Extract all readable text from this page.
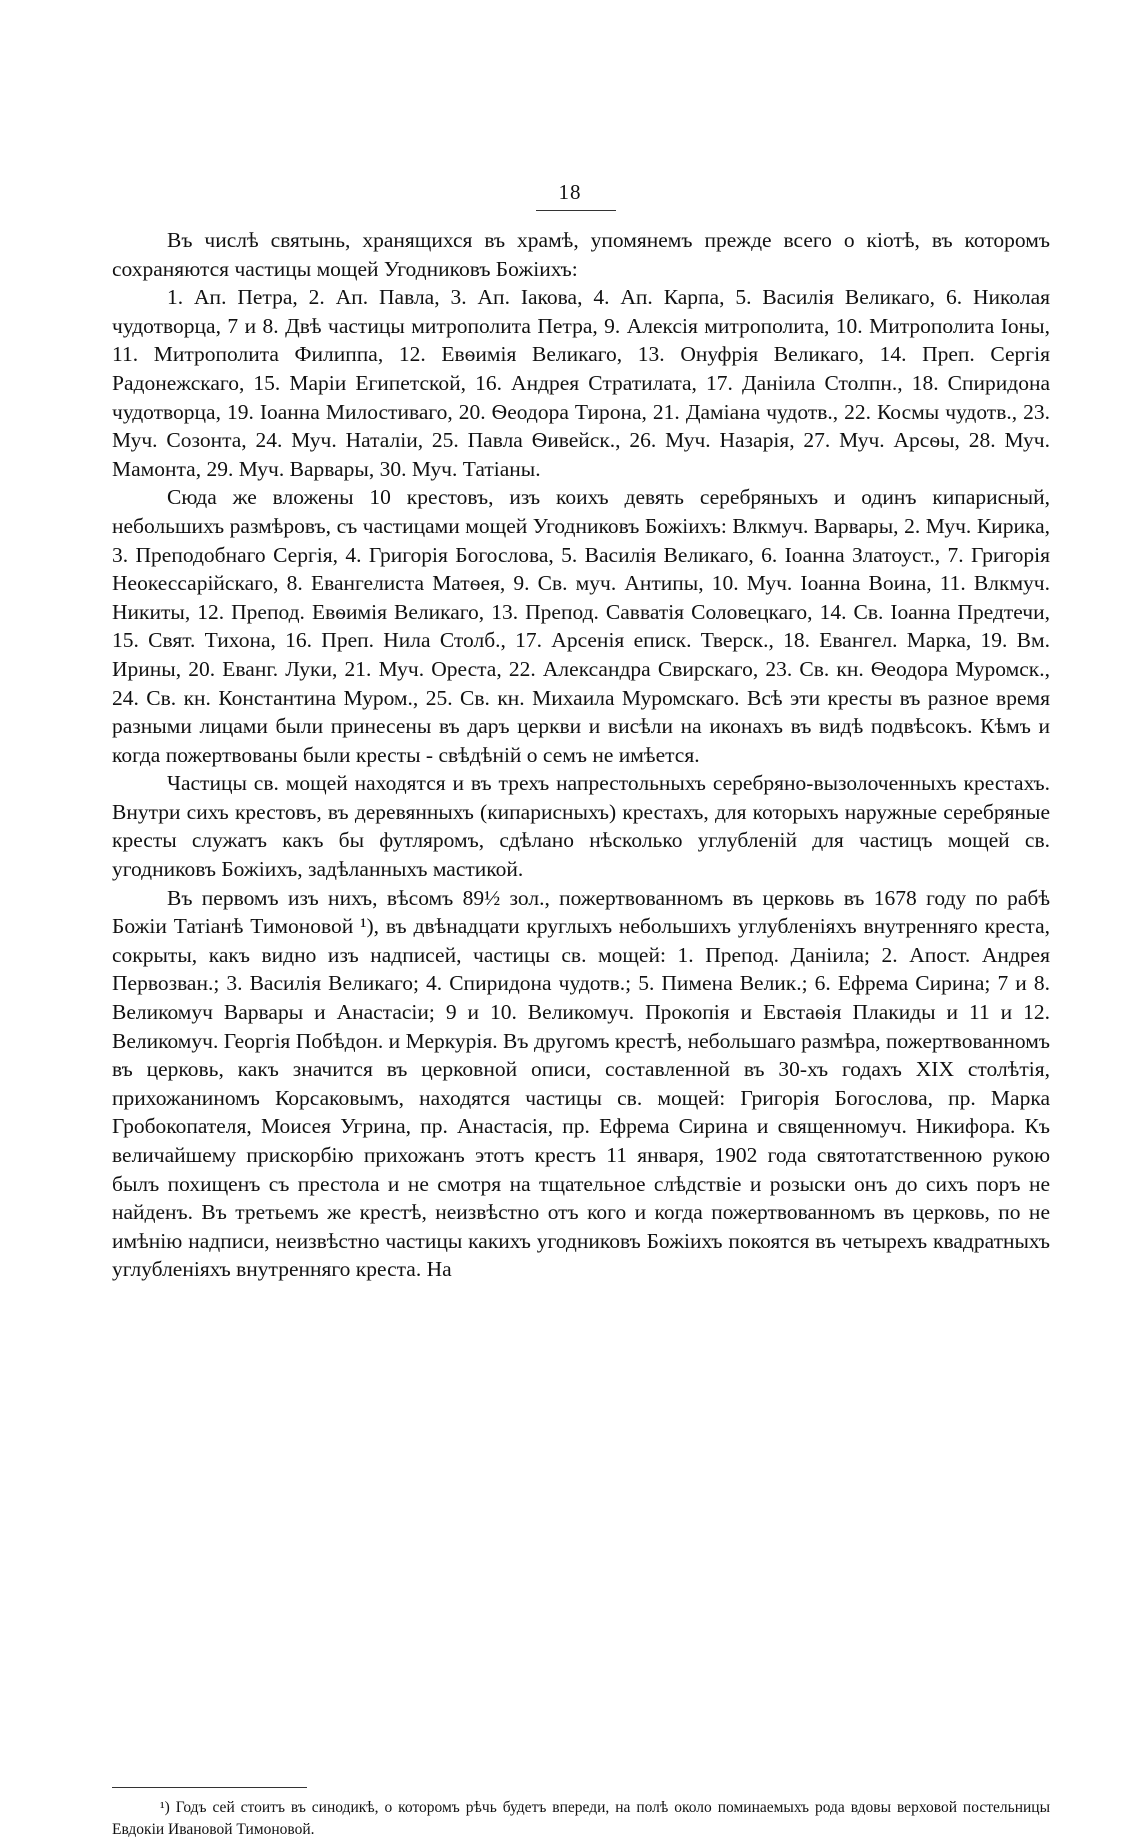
18

Въ числѣ святынь, хранящихся въ храмѣ, упомянемъ прежде всего о кіотѣ, въ которомъ сохраняются частицы мощей Угодниковъ Божіихъ:

1. Ап. Петра, 2. Ап. Павла, 3. Ап. Іакова, 4. Ап. Карпа, 5. Василія Великаго, 6. Николая чудотворца, 7 и 8. Двѣ частицы митрополита Петра, 9. Алексія митрополита, 10. Митрополита Іоны, 11. Митрополита Филиппа, 12. Евѳимія Великаго, 13. Онуфрія Великаго, 14. Преп. Сергія Радонежскаго, 15. Маріи Египетской, 16. Андрея Стратилата, 17. Даніила Столпн., 18. Спиридона чудотворца, 19. Іоанна Милостиваго, 20. Ѳеодора Тирона, 21. Даміана чудотв., 22. Космы чудотв., 23. Муч. Созонта, 24. Муч. Наталіи, 25. Павла Ѳивейск., 26. Муч. Назарія, 27. Муч. Арсѳы, 28. Муч. Мамонта, 29. Муч. Варвары, 30. Муч. Татіаны.

Сюда же вложены 10 крестовъ, изъ коихъ девять серебряныхъ и одинъ кипарисный, небольшихъ размѣровъ, съ частицами мощей Угодниковъ Божіихъ: Влкмуч. Варвары, 2. Муч. Кирика, 3. Преподобнаго Сергія, 4. Григорія Богослова, 5. Василія Великаго, 6. Іоанна Златоуст., 7. Григорія Неокессарійскаго, 8. Евангелиста Матѳея, 9. Св. муч. Антипы, 10. Муч. Іоанна Воина, 11. Влкмуч. Никиты, 12. Препод. Евѳимія Великаго, 13. Препод. Савватія Соловецкаго, 14. Св. Іоанна Предтечи, 15. Свят. Тихона, 16. Преп. Нила Столб., 17. Арсенія еписк. Тверск., 18. Евангел. Марка, 19. Вм. Ирины, 20. Еванг. Луки, 21. Муч. Ореста, 22. Александра Свирскаго, 23. Св. кн. Ѳеодора Муромск., 24. Св. кн. Константина Муром., 25. Св. кн. Михаила Муромскаго. Всѣ эти кресты въ разное время разными лицами были принесены въ даръ церкви и висѣли на иконахъ въ видѣ подвѣсокъ. Кѣмъ и когда пожертвованы были кресты - свѣдѣній о семъ не имѣется.

Частицы св. мощей находятся и въ трехъ напрестольныхъ серебряно-вызолоченныхъ крестахъ. Внутри сихъ крестовъ, въ деревянныхъ (кипарисныхъ) крестахъ, для которыхъ наружные серебряные кресты служатъ какъ бы футляромъ, сдѣлано нѣсколько углубленій для частицъ мощей св. угодниковъ Божіихъ, задѣланныхъ мастикой.

Въ первомъ изъ нихъ, вѣсомъ 89½ зол., пожертвованномъ въ церковь въ 1678 году по рабѣ Божіи Татіанѣ Тимоновой ¹), въ двѣнадцати круглыхъ небольшихъ углубленіяхъ внутренняго креста, сокрыты, какъ видно изъ надписей, частицы св. мощей: 1. Препод. Даніила; 2. Апост. Андрея Первозван.; 3. Василія Великаго; 4. Спиридона чудотв.; 5. Пимена Велик.; 6. Ефрема Сирина; 7 и 8. Великомуч Варвары и Анастасіи; 9 и 10. Великомуч. Прокопія и Евстаѳія Плакиды и 11 и 12. Великомуч. Георгія Побѣдон. и Меркурія. Въ другомъ крестѣ, небольшаго размѣра, пожертвованномъ въ церковь, какъ значится въ церковной описи, составленной въ 30-хъ годахъ XIX столѣтія, прихожаниномъ Корсаковымъ, находятся частицы св. мощей: Григорія Богослова, пр. Марка Гробокопателя, Моисея Угрина, пр. Анастасія, пр. Ефрема Сирина и священномуч. Никифора. Къ величайшему прискорбію прихожанъ этотъ крестъ 11 января, 1902 года святотатственною рукою былъ похищенъ съ престола и не смотря на тщательное слѣдствіе и розыски онъ до сихъ поръ не найденъ. Въ третьемъ же крестѣ, неизвѣстно отъ кого и когда пожертвованномъ въ церковь, по не имѣнію надписи, неизвѣстно частицы какихъ угодниковъ Божіихъ покоятся въ четырехъ квадратныхъ углубленіяхъ внутренняго креста. На

¹) Годъ сей стоитъ въ синодикѣ, о которомъ рѣчь будетъ впереди, на полѣ около поминаемыхъ рода вдовы верховой постельницы Евдокіи Ивановой Тимоновой.
